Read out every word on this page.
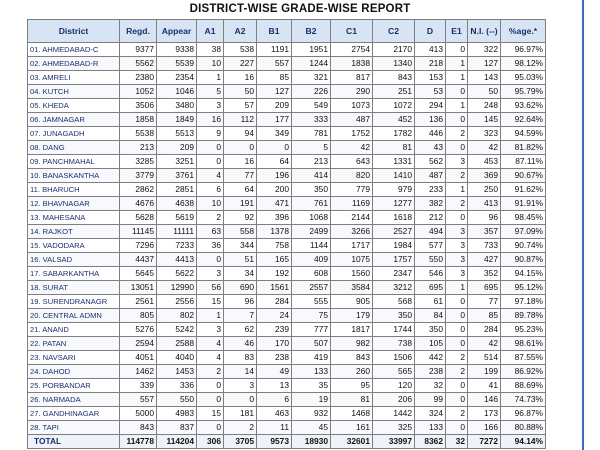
DISTRICT-WISE GRADE-WISE REPORT
District	Regd.	Appear	A1	A2	B1	B2	C1	C2	D	E1	N.I. (--)	%age.*
01. AHMEDABAD-C	9377	9338	38	538	1191	1951	2754	2170	413	0	322	96.97%
02. AHMEDABAD-R	5562	5539	10	227	557	1244	1838	1340	218	1	127	98.12%
03. AMRELI	2380	2354	1	16	85	321	817	843	153	1	143	95.03%
04. KUTCH	1052	1046	5	50	127	226	290	251	53	0	50	95.79%
05. KHEDA	3506	3480	3	57	209	549	1073	1072	294	1	248	93.62%
06. JAMNAGAR	1858	1849	16	112	177	333	487	452	136	0	145	92.64%
07. JUNAGADH	5538	5513	9	94	349	781	1752	1782	446	2	323	94.59%
08. DANG	213	209	0	0	0	5	42	81	43	0	42	81.82%
09. PANCHMAHAL	3285	3251	0	16	64	213	643	1331	562	3	453	87.11%
10. BANASKANTHA	3779	3761	4	77	196	414	820	1410	487	2	369	90.67%
11. BHARUCH	2862	2851	6	64	200	350	779	979	233	1	250	91.62%
12. BHAVNAGAR	4676	4638	10	191	471	761	1169	1277	382	2	413	91.91%
13. MAHESANA	5628	5619	2	92	396	1068	2144	1618	212	0	96	98.45%
14. RAJKOT	11145	11111	63	558	1378	2499	3266	2527	494	3	357	97.09%
15. VADODARA	7296	7233	36	344	758	1144	1717	1984	577	3	733	90.74%
16. VALSAD	4437	4413	0	51	165	409	1075	1757	550	3	427	90.87%
17. SABARKANTHA	5645	5622	3	34	192	608	1560	2347	546	3	352	94.15%
18. SURAT	13051	12990	56	690	1561	2557	3584	3212	695	1	695	95.12%
19. SURENDRANAGR	2561	2556	15	96	284	555	905	568	61	0	77	97.18%
20. CENTRAL ADMN	805	802	1	7	24	75	179	350	84	0	85	89.78%
21. ANAND	5276	5242	3	62	239	777	1817	1744	350	0	284	95.23%
22. PATAN	2594	2588	4	46	170	507	982	738	105	0	42	98.61%
23. NAVSARI	4051	4040	4	83	238	419	843	1506	442	2	514	87.55%
24. DAHOD	1462	1453	2	14	49	133	260	565	238	2	199	86.92%
25. PORBANDAR	339	336	0	3	13	35	95	120	32	0	41	88.69%
26. NARMADA	557	550	0	0	6	19	81	206	99	0	146	74.73%
27. GANDHINAGAR	5000	4983	15	181	463	932	1468	1442	324	2	173	96.87%
28. TAPI	843	837	0	2	11	45	161	325	133	0	166	80.88%
TOTAL	114778	114204	306	3705	9573	18930	32601	33997	8362	32	7272	94.14%
